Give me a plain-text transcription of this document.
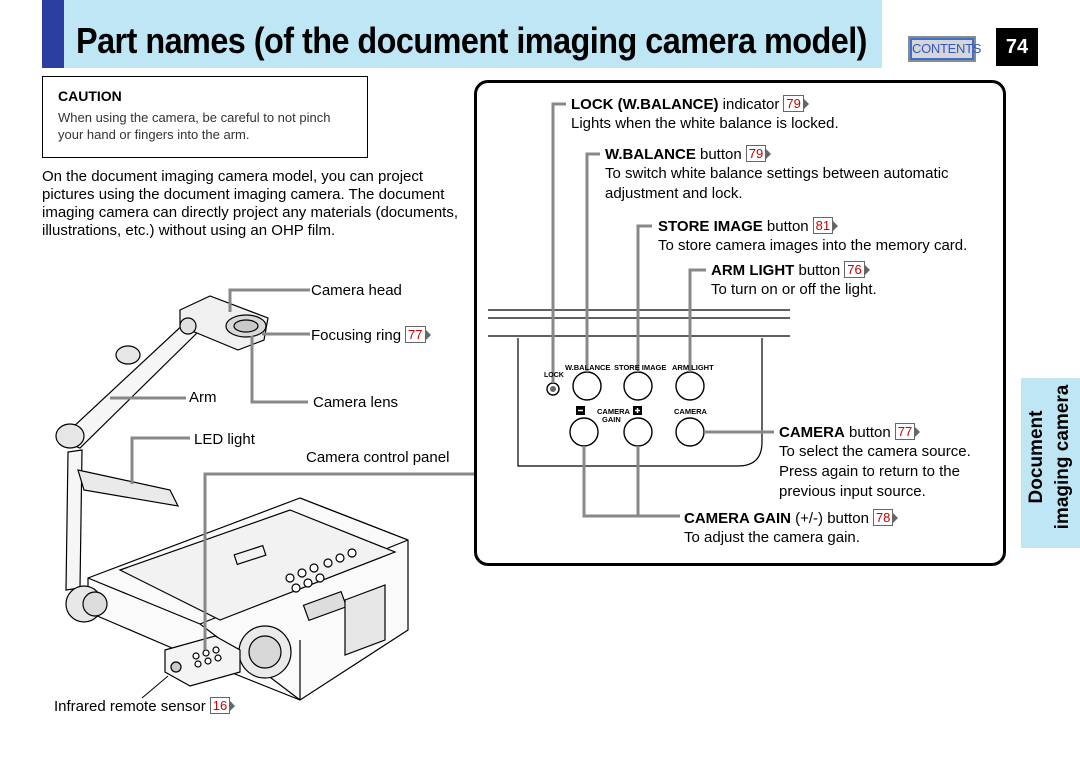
Part names (of the document imaging camera model)	CONTENTS	74
CAUTION
When using the camera, be careful to not pinch your hand or fingers into the arm.
On the document imaging camera model, you can project pictures using the document imaging camera. The document imaging camera can directly project any materials (documents, illustrations, etc.) without using an OHP film.
W.BALANCE STORE IMAGE ARM LIGHT
LOCK
CAMERA
GAIN
CAMERA
Camera head
Focusing ring 77
Arm	Camera lens
LED light
Camera control panel
Infrared remote sensor 16
LOCK (W.BALANCE) indicator 79
Lights when the white balance is locked.
W.BALANCE button 79
To switch white balance settings between automatic adjustment and lock.
STORE IMAGE button 81
To store camera images into the memory card.
ARM LIGHT button 76
To turn on or off the light.
CAMERA button 77
To select the camera source. Press again to return to the previous input source.
CAMERA GAIN (+/-) button 78
To adjust the camera gain.
Document imaging camera
